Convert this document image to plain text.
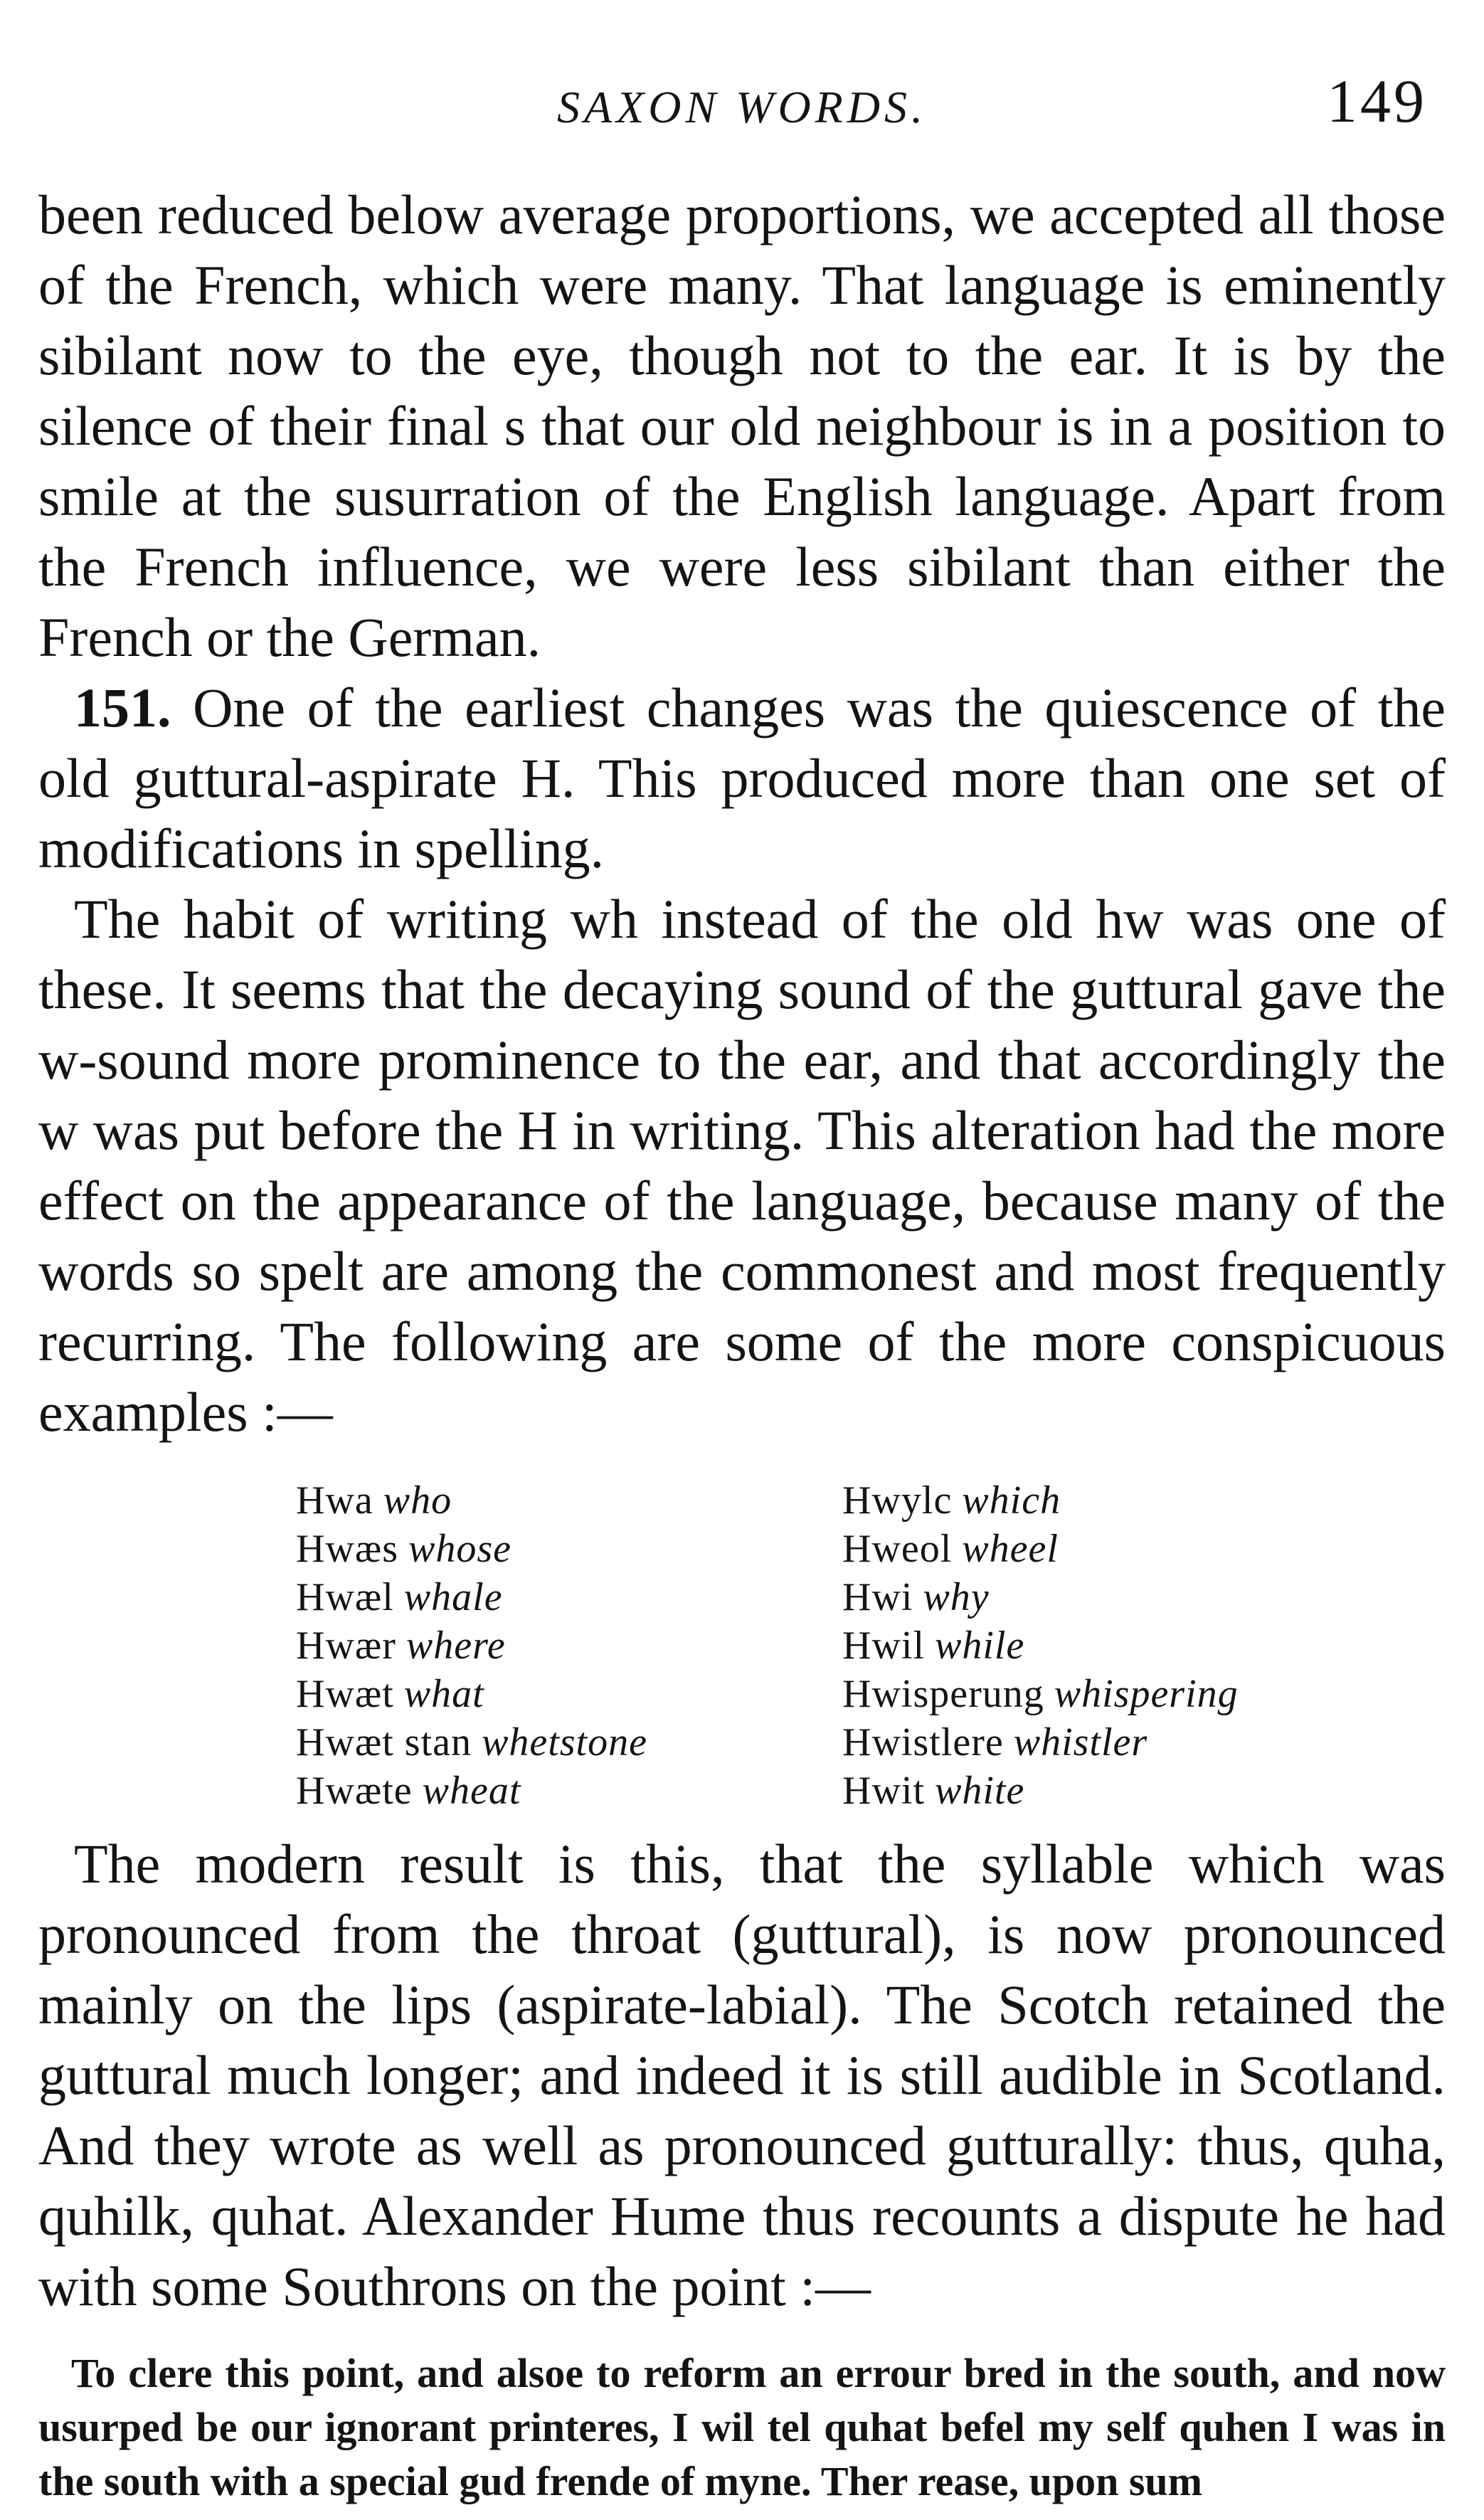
SAXON WORDS.	149

been reduced below average proportions, we accepted all those of the French, which were many. That language is eminently sibilant now to the eye, though not to the ear. It is by the silence of their final s that our old neighbour is in a position to smile at the susurration of the English language. Apart from the French influence, we were less sibilant than either the French or the German.

151. One of the earliest changes was the quiescence of the old guttural-aspirate H. This produced more than one set of modifications in spelling.

The habit of writing wh instead of the old hw was one of these. It seems that the decaying sound of the guttural gave the w-sound more prominence to the ear, and that accordingly the w was put before the H in writing. This alteration had the more effect on the appearance of the language, because many of the words so spelt are among the commonest and most frequently recurring. The following are some of the more conspicuous examples :—

Hwa who
Hwæs whose
Hwæl whale
Hwær where
Hwæt what
Hwæt stan whetstone
Hwæte wheat
Hwylc which
Hweol wheel
Hwi why
Hwil while
Hwisperung whispering
Hwistlere whistler
Hwit white

The modern result is this, that the syllable which was pronounced from the throat (guttural), is now pronounced mainly on the lips (aspirate-labial). The Scotch retained the guttural much longer; and indeed it is still audible in Scotland. And they wrote as well as pronounced gutturally: thus, quha, quhilk, quhat. Alexander Hume thus recounts a dispute he had with some Southrons on the point :—

To clere this point, and alsoe to reform an errour bred in the south, and now usurped be our ignorant printeres, I wil tel quhat befel my self quhen I was in the south with a special gud frende of myne. Ther rease, upon sum
